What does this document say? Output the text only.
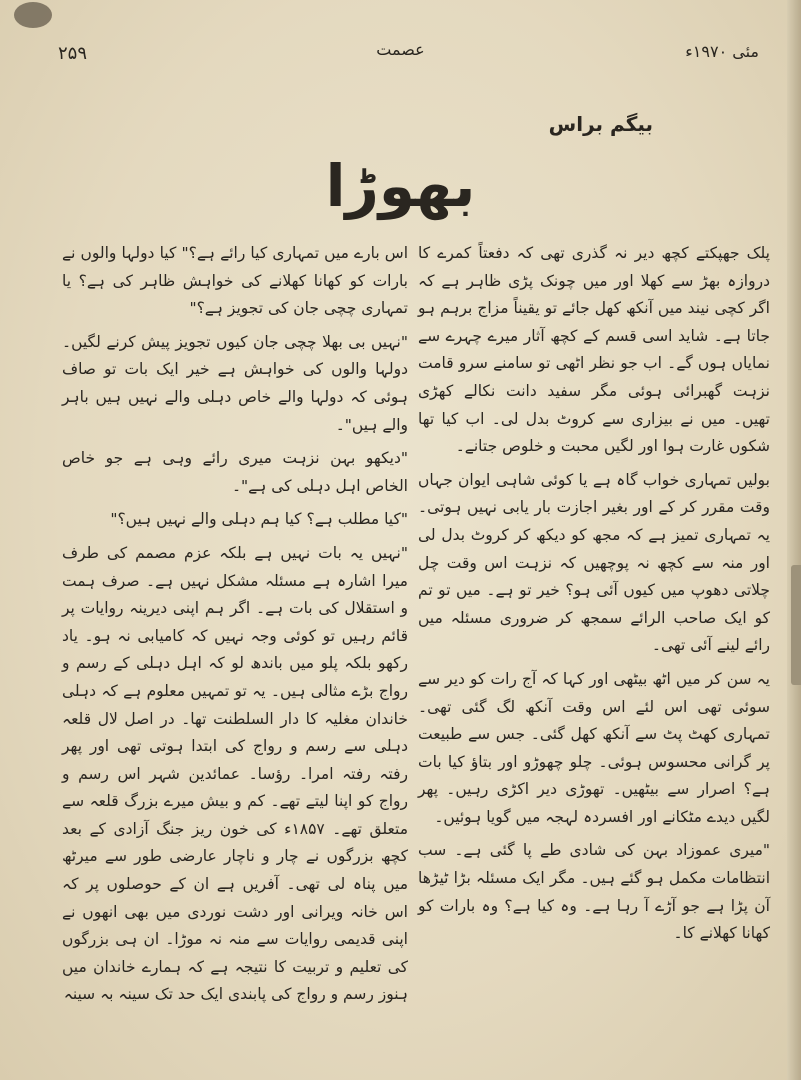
۲۵۹	عصمت	مئی ۱۹۷۰ء
بیگم براس
بھوڑا

پلک جھپکتے کچھ دیر نہ گذری تھی کہ دفعتاً کمرے کا دروازہ بھڑ سے کھلا اور میں چونک پڑی ظاہر ہے کہ اگر کچی نیند میں آنکھ کھل جائے تو یقیناً مزاج برہم ہو جاتا ہے۔ شاید اسی قسم کے کچھ آثار میرے چہرے سے نمایاں ہوں گے۔ اب جو نظر اٹھی تو سامنے سرو قامت نزہت گھبرائی ہوئی مگر سفید دانت نکالے کھڑی تھیں۔ میں نے بیزاری سے کروٹ بدل لی۔ اب کیا تھا شکوں غارت ہوا اور لگیں محبت و خلوص جتانے۔

بولیں تمہاری خواب گاہ ہے یا کوئی شاہی ایوان جہاں وقت مقرر کر کے اور بغیر اجازت بار یابی نہیں ہوتی۔ یہ تمہاری تمیز ہے کہ مجھ کو دیکھ کر کروٹ بدل لی اور منہ سے کچھ نہ پوچھیں کہ نزہت اس وقت چل چلاتی دھوپ میں کیوں آئی ہو؟ خیر تو ہے۔ میں تو تم کو ایک صاحب الرائے سمجھ کر ضروری مسئلہ میں رائے لینے آئی تھی۔

یہ سن کر میں اٹھ بیٹھی اور کہا کہ آج رات کو دیر سے سوئی تھی اس لئے اس وقت آنکھ لگ گئی تھی۔ تمہاری کھٹ پٹ سے آنکھ کھل گئی۔ جس سے طبیعت پر گرانی محسوس ہوئی۔ چلو چھوڑو اور بتاؤ کیا بات ہے؟ اصرار سے بیٹھیں۔ تھوڑی دیر اکڑی رہیں۔ پھر لگیں دیدے مٹکانے اور افسردہ لہجہ میں گویا ہوئیں۔

"میری عموزاد بہن کی شادی طے پا گئی ہے۔ سب انتظامات مکمل ہو گئے ہیں۔ مگر ایک مسئلہ بڑا ٹیڑھا آن پڑا ہے جو آڑے آ رہا ہے۔ وہ کیا ہے؟ وہ بارات کو کھانا کھلانے کا۔

اس بارے میں تمہاری کیا رائے ہے؟" کیا دولہا والوں نے بارات کو کھانا کھلانے کی خواہش ظاہر کی ہے؟ یا تمہاری چچی جان کی تجویز ہے؟"

"نہیں بی بھلا چچی جان کیوں تجویز پیش کرنے لگیں۔ دولہا والوں کی خواہش ہے خیر ایک بات تو صاف ہوئی کہ دولہا والے خاص دہلی والے نہیں ہیں باہر والے ہیں"۔

"دیکھو بہن نزہت میری رائے وہی ہے جو خاص الخاص اہل دہلی کی ہے"۔

"کیا مطلب ہے؟ کیا ہم دہلی والے نہیں ہیں؟"

"نہیں یہ بات نہیں ہے بلکہ عزم مصمم کی طرف میرا اشارہ ہے مسئلہ مشکل نہیں ہے۔ صرف ہمت و استقلال کی بات ہے۔ اگر ہم اپنی دیرینہ روایات پر قائم رہیں تو کوئی وجہ نہیں کہ کامیابی نہ ہو۔ یاد رکھو بلکہ پلو میں باندھ لو کہ اہل دہلی کے رسم و رواج بڑے مثالی ہیں۔ یہ تو تمہیں معلوم ہے کہ دہلی خاندان مغلیہ کا دار السلطنت تھا۔ در اصل لال قلعہ دہلی سے رسم و رواج کی ابتدا ہوتی تھی اور پھر رفتہ رفتہ امرا۔ رؤسا۔ عمائدین شہر اس رسم و رواج کو اپنا لیتے تھے۔ کم و بیش میرے بزرگ قلعہ سے متعلق تھے۔ ۱۸۵۷ء کی خون ریز جنگ آزادی کے بعد کچھ بزرگوں نے چار و ناچار عارضی طور سے میرٹھ میں پناہ لی تھی۔ آفریں ہے ان کے حوصلوں پر کہ اس خانہ ویرانی اور دشت نوردی میں بھی انھوں نے اپنی قدیمی روایات سے منہ نہ موڑا۔ ان ہی بزرگوں کی تعلیم و تربیت کا نتیجہ ہے کہ ہمارے خاندان میں ہنوز رسم و رواج کی پابندی ایک حد تک سینہ بہ سینہ
